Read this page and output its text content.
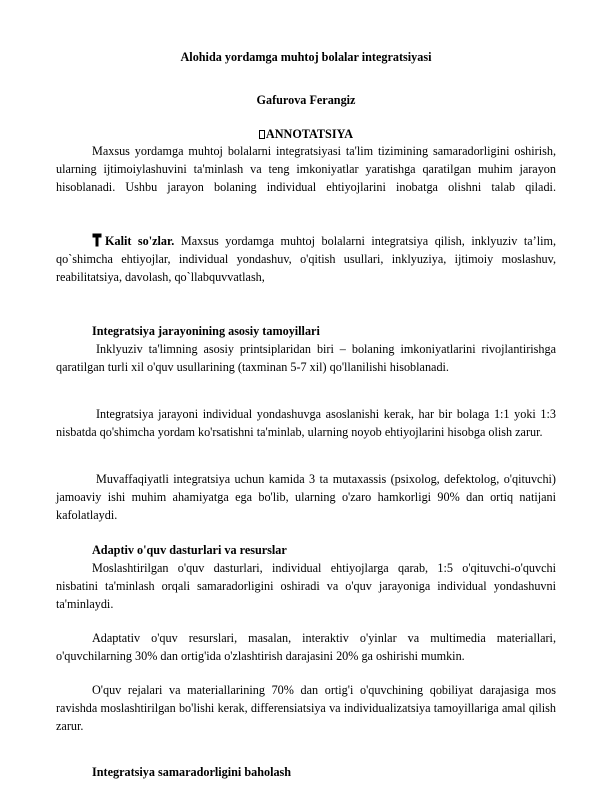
Alohida yordamga muhtoj bolalar integratsiyasi
Gafurova Ferangiz
ANNOTATSIYA

Maxsus yordamga muhtoj bolalarni integratsiyasi ta'lim tizimining samaradorligini oshirish, ularning ijtimoiylashuvini ta'minlash va teng imkoniyatlar yaratishga qaratilgan muhim jarayon hisoblanadi. Ushbu jarayon bolaning individual ehtiyojlarini inobatga olishni talab qiladi.

Kalit so'zlar. Maxsus yordamga muhtoj bolalarni integratsiya qilish, inklyuziv ta’lim, qo`shimcha ehtiyojlar, individual yondashuv, o'qitish usullari, inklyuziya, ijtimoiy moslashuv, reabilitatsiya, davolash, qo`llabquvvatlash,

Integratsiya jarayonining asosiy tamoyillari

Inklyuziv ta'limning asosiy printsiplaridan biri – bolaning imkoniyatlarini rivojlantirishga qaratilgan turli xil o'quv usullarining (taxminan 5-7 xil) qo'llanilishi hisoblanadi.

Integratsiya jarayoni individual yondashuvga asoslanishi kerak, har bir bolaga 1:1 yoki 1:3 nisbatda qo'shimcha yordam ko'rsatishni ta'minlab, ularning noyob ehtiyojlarini hisobga olish zarur.

Muvaffaqiyatli integratsiya uchun kamida 3 ta mutaxassis (psixolog, defektolog, o'qituvchi) jamoaviy ishi muhim ahamiyatga ega bo'lib, ularning o'zaro hamkorligi 90% dan ortiq natijani kafolatlaydi.

Adaptiv o'quv dasturlari va resurslar

Moslashtirilgan o'quv dasturlari, individual ehtiyojlarga qarab, 1:5 o'qituvchi-o'quvchi nisbatini ta'minlash orqali samaradorligini oshiradi va o'quv jarayoniga individual yondashuvni ta'minlaydi.

Adaptativ o'quv resurslari, masalan, interaktiv o'yinlar va multimedia materiallari, o'quvchilarning 30% dan ortig'ida o'zlashtirish darajasini 20% ga oshirishi mumkin.

O'quv rejalari va materiallarining 70% dan ortig'i o'quvchining qobiliyat darajasiga mos ravishda moslashtirilgan bo'lishi kerak, differensiatsiya va individualizatsiya tamoyillariga amal qilish zarur.

Integratsiya samaradorligini baholash
